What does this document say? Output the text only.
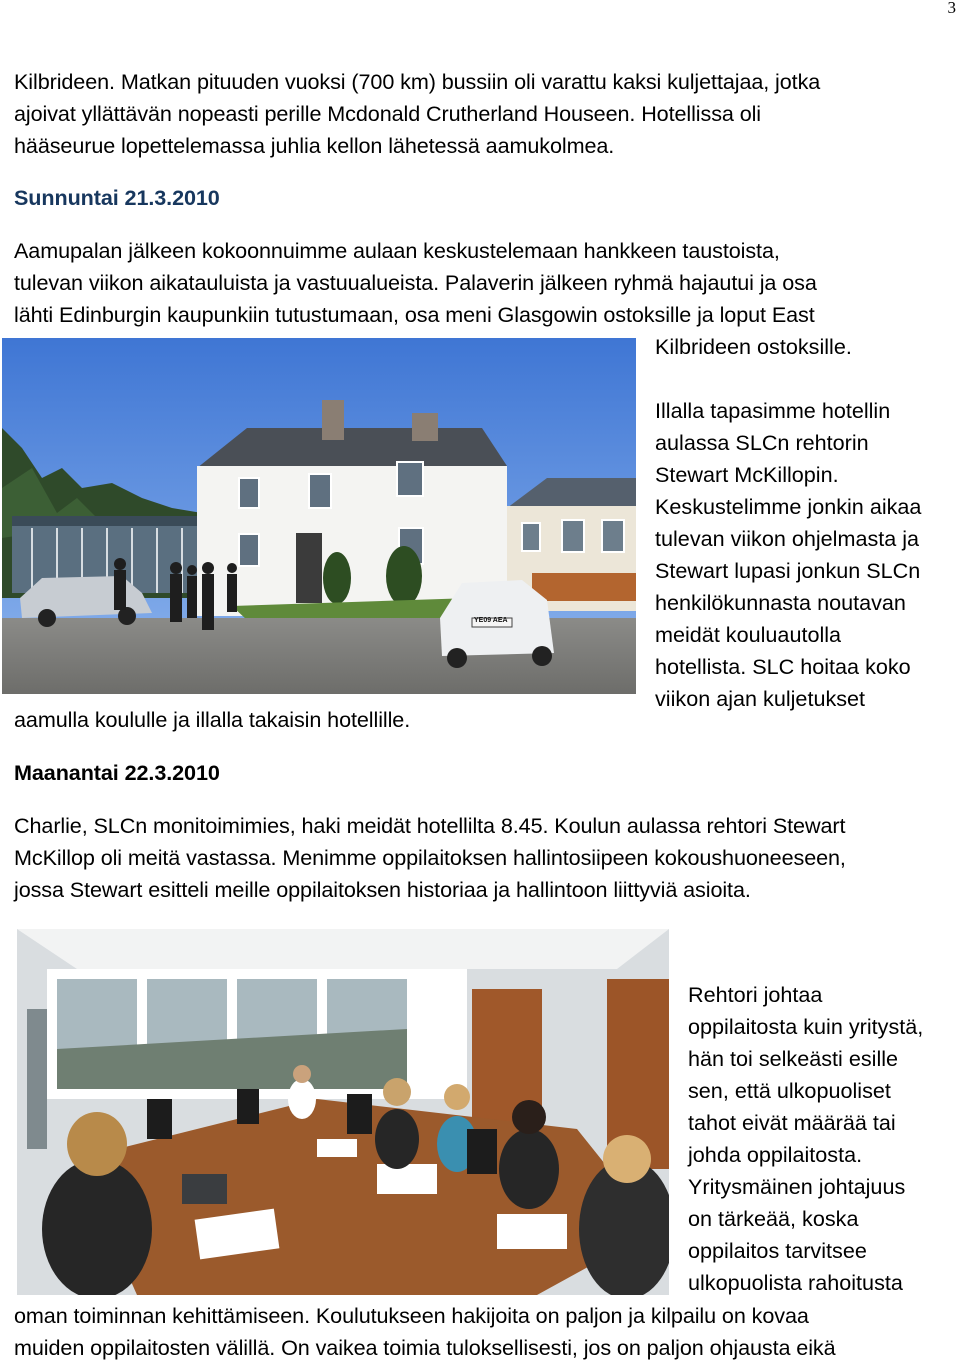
3
Kilbrideen. Matkan pituuden vuoksi (700 km) bussiin oli varattu kaksi kuljettajaa, jotka
ajoivat yllättävän nopeasti perille Mcdonald Crutherland Houseen. Hotellissa oli
hääseurue lopettelemassa juhlia kellon lähetessä aamukolmea.
Sunnuntai 21.3.2010
Aamupalan jälkeen kokoonnuimme aulaan keskustelemaan hankkeen taustoista,
tulevan viikon aikatauluista ja vastuualueista. Palaverin jälkeen ryhmä hajautui ja osa
lähti Edinburgin kaupunkiin tutustumaan, osa meni Glasgowin ostoksille ja loput East
Kilbrideen ostoksille.
Illalla tapasimme hotellin
aulassa SLCn rehtorin
Stewart McKillopin.
Keskustelimme jonkin aikaa
tulevan viikon ohjelmasta ja
Stewart lupasi jonkun SLCn
henkilökunnasta noutavan
meidät kouluautolla
hotellista. SLC hoitaa koko
viikon ajan kuljetukset
aamulla koululle ja illalla takaisin hotellille.
Maanantai 22.3.2010
Charlie, SLCn monitoimimies, haki meidät hotellilta 8.45. Koulun aulassa rehtori Stewart
McKillop oli meitä vastassa. Menimme oppilaitoksen hallintosiipeen kokoushuoneeseen,
jossa Stewart esitteli meille oppilaitoksen historiaa ja hallintoon liittyviä asioita.
Rehtori johtaa
oppilaitosta kuin yritystä,
hän toi selkeästi esille
sen, että ulkopuoliset
tahot eivät määrää tai
johda oppilaitosta.
Yritysmäinen johtajuus
on tärkeää, koska
oppilaitos tarvitsee
ulkopuolista rahoitusta
oman toiminnan kehittämiseen. Koulutukseen hakijoita on paljon ja kilpailu on kovaa
muiden oppilaitosten välillä. On vaikea toimia tuloksellisesti, jos on paljon ohjausta eikä
YE09 AEA
